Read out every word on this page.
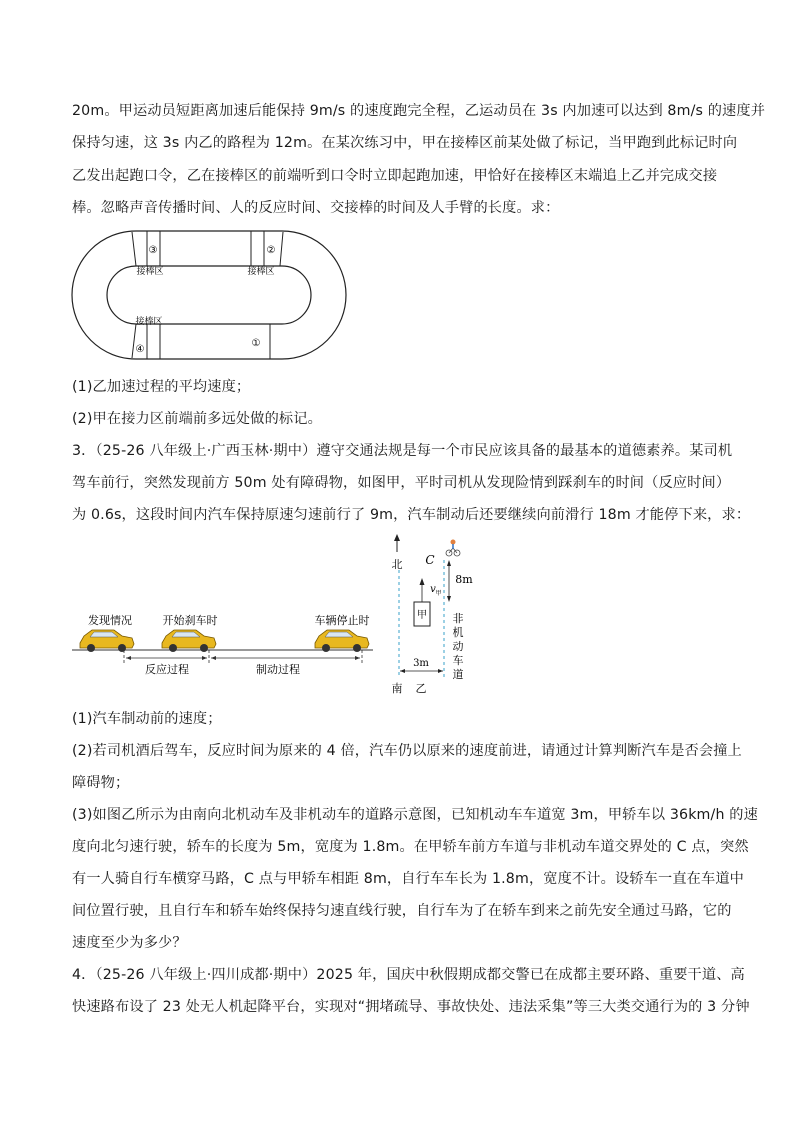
20m。甲运动员短距离加速后能保持 9m/s 的速度跑完全程，乙运动员在 3s 内加速可以达到 8m/s 的速度并
保持匀速，这 3s 内乙的路程为 12m。在某次练习中，甲在接棒区前某处做了标记，当甲跑到此标记时向
乙发出起跑口令，乙在接棒区的前端听到口令时立即起跑加速，甲恰好在接棒区末端追上乙并完成交接
棒。忽略声音传播时间、人的反应时间、交接棒的时间及人手臂的长度。求：
③	②
④
①
接棒区	接棒区
接棒区
(1)乙加速过程的平均速度；
(2)甲在接力区前端前多远处做的标记。
3．（25-26 八年级上·广西玉林·期中）遵守交通法规是每一个市民应该具备的最基本的道德素养。某司机
驾车前行，突然发现前方 50m 处有障碍物，如图甲，平时司机从发现险情到踩刹车的时间（反应时间）
为 0.6s，这段时间内汽车保持原速匀速前行了 9m，汽车制动后还要继续向前滑行 18m 才能停下来，求：
发现情况	开始刹车时	车辆停止时
反应过程	制动过程
北 C
8m
v 甲
甲 非
机
动
车
道
3m
南 乙
(1)汽车制动前的速度；
(2)若司机酒后驾车，反应时间为原来的 4 倍，汽车仍以原来的速度前进，请通过计算判断汽车是否会撞上
障碍物；
(3)如图乙所示为由南向北机动车及非机动车的道路示意图，已知机动车车道宽 3m，甲轿车以 36km/h 的速
度向北匀速行驶，轿车的长度为 5m，宽度为 1.8m。在甲轿车前方车道与非机动车道交界处的 C 点，突然
有一人骑自行车横穿马路，C 点与甲轿车相距 8m，自行车车长为 1.8m，宽度不计。设轿车一直在车道中
间位置行驶，且自行车和轿车始终保持匀速直线行驶，自行车为了在轿车到来之前先安全通过马路，它的
速度至少为多少？
4．（25-26 八年级上·四川成都·期中）2025 年，国庆中秋假期成都交警已在成都主要环路、重要干道、高
快速路布设了 23 处无人机起降平台，实现对“拥堵疏导、事故快处、违法采集”等三大类交通行为的 3 分钟
